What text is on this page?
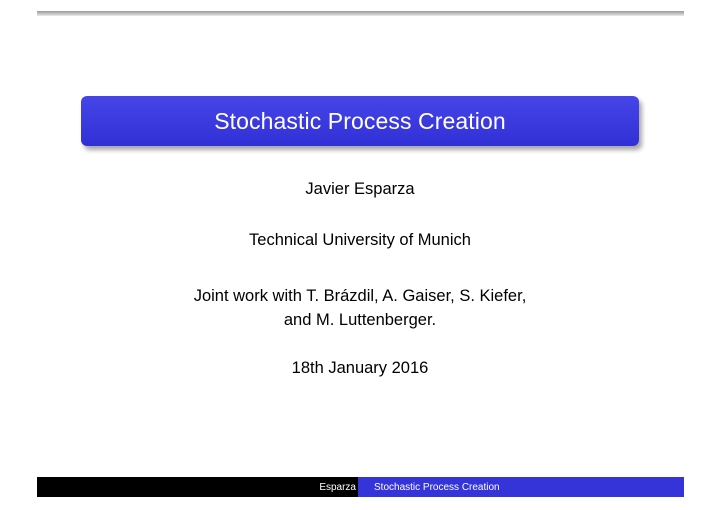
Stochastic Process Creation
Javier Esparza
Technical University of Munich
Joint work with T. Brázdil, A. Gaiser, S. Kiefer,
and M. Luttenberger.
18th January 2016
Esparza Stochastic Process Creation
